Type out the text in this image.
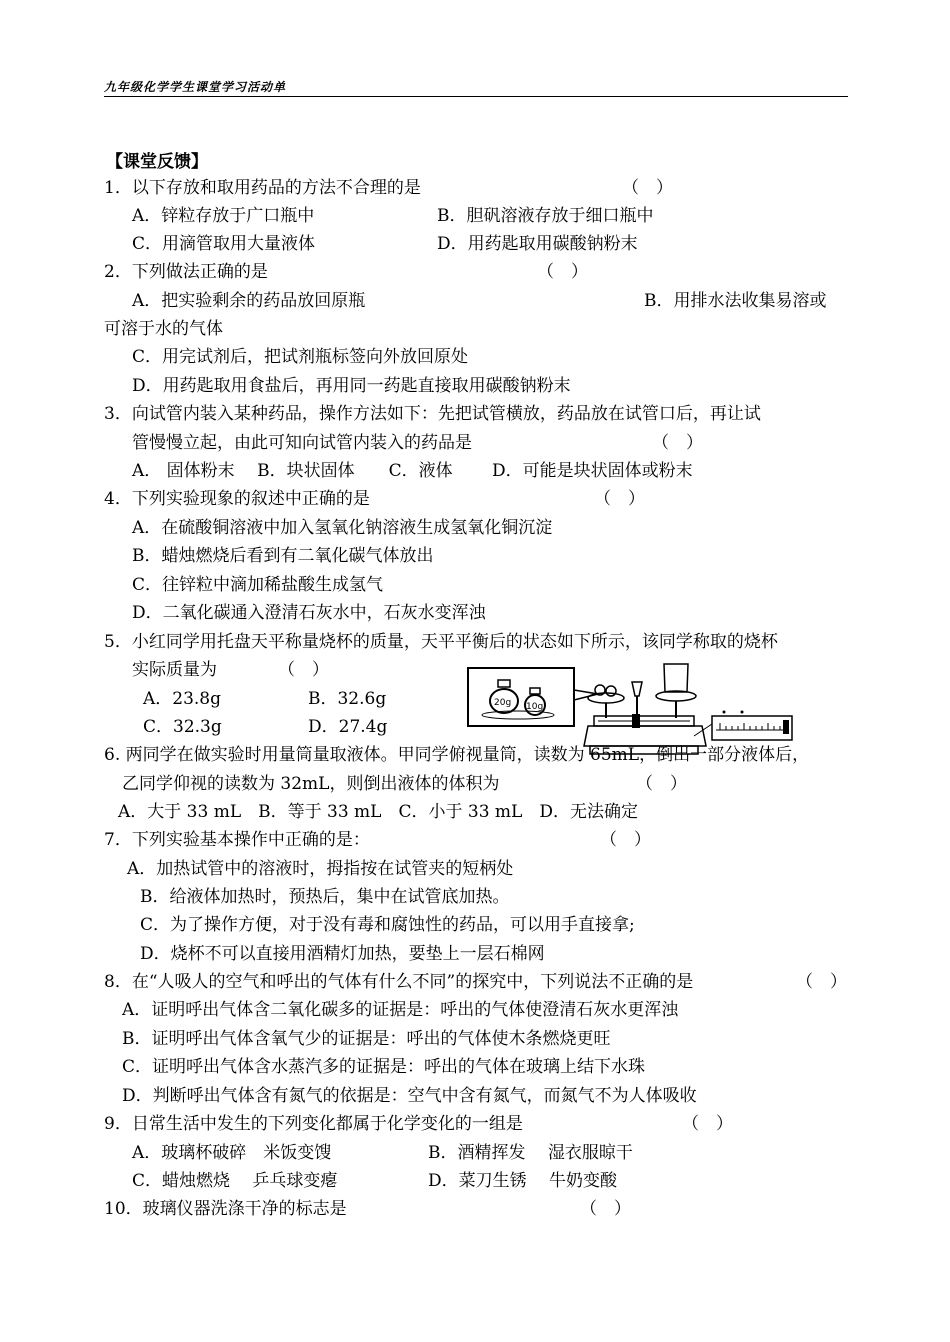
九年级化学学生课堂学习活动单
【课堂反馈】
1．以下存放和取用药品的方法不合理的是	（　）
A．锌粒存放于广口瓶中	B．胆矾溶液存放于细口瓶中
C．用滴管取用大量液体	D．用药匙取用碳酸钠粉末
2．下列做法正确的是	（　）
A．把实验剩余的药品放回原瓶	B．用排水法收集易溶或
可溶于水的气体
C．用完试剂后，把试剂瓶标签向外放回原处
D．用药匙取用食盐后，再用同一药匙直接取用碳酸钠粉末
3．向试管内装入某种药品，操作方法如下：先把试管横放，药品放在试管口后，再让试
管慢慢立起，由此可知向试管内装入的药品是	（　）
A． 固体粉末　 B．块状固体　　C．液体　　 D．可能是块状固体或粉末
4．下列实验现象的叙述中正确的是	（　）
A．在硫酸铜溶液中加入氢氧化钠溶液生成氢氧化铜沉淀
B．蜡烛燃烧后看到有二氧化碳气体放出
C．往锌粒中滴加稀盐酸生成氢气
D．二氧化碳通入澄清石灰水中，石灰水变浑浊
5．小红同学用托盘天平称量烧杯的质量，天平平衡后的状态如下所示，该同学称取的烧杯
实际质量为	（　）
A．23.8g	B．32.6g
C．32.3g	D．27.4g
20g 10g
6. 两同学在做实验时用量筒量取液体。甲同学俯视量筒，读数为 65mL，倒出一部分液体后，
乙同学仰视的读数为 32mL，则倒出液体的体积为	（　）
A．大于 33 mL　B．等于 33 mL　C．小于 33 mL　D．无法确定
7．下列实验基本操作中正确的是：	（　）
A．加热试管中的溶液时，拇指按在试管夹的短柄处
B．给液体加热时，预热后，集中在试管底加热。
C．为了操作方便，对于没有毒和腐蚀性的药品，可以用手直接拿;
D．烧杯不可以直接用酒精灯加热，要垫上一层石棉网
8．在“人吸人的空气和呼出的气体有什么不同”的探究中，下列说法不正确的是	（　）
A．证明呼出气体含二氧化碳多的证据是：呼出的气体使澄清石灰水更浑浊
B．证明呼出气体含氧气少的证据是：呼出的气体使木条燃烧更旺
C．证明呼出气体含水蒸汽多的证据是：呼出的气体在玻璃上结下水珠
D．判断呼出气体含有氮气的依据是：空气中含有氮气，而氮气不为人体吸收
9．日常生活中发生的下列变化都属于化学变化的一组是	（　）
A．玻璃杯破碎　米饭变馊	B．酒精挥发　 湿衣服晾干
C．蜡烛燃烧　 乒乓球变瘪	D．菜刀生锈　 牛奶变酸
10．玻璃仪器洗涤干净的标志是	（　）
